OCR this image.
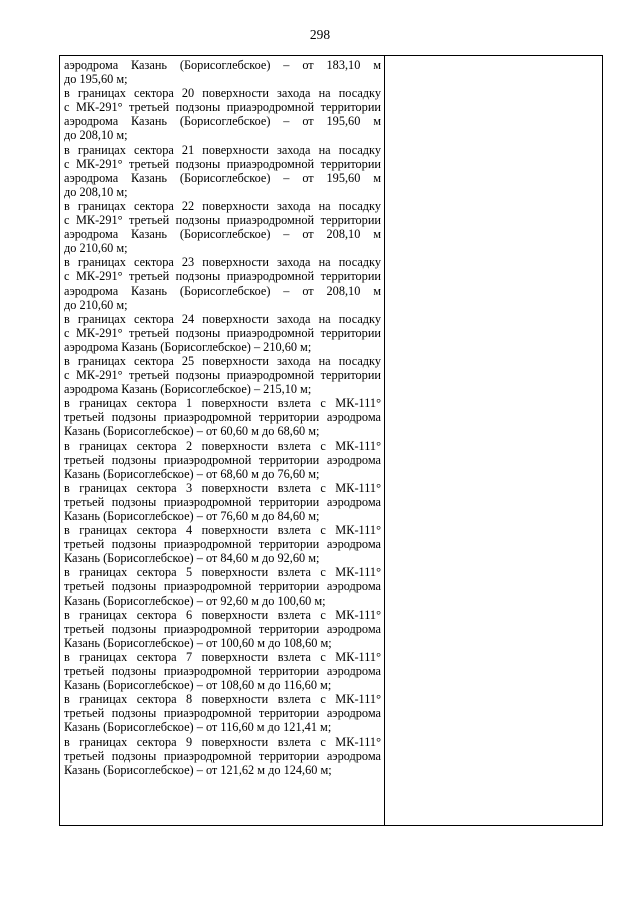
298
аэродрома Казань (Борисоглебское) – от 183,10 м
до 195,60 м;
в границах сектора 20 поверхности захода на посадку
с МК-291° третьей подзоны приаэродромной территории
аэродрома Казань (Борисоглебское) – от 195,60 м
до 208,10 м;
в границах сектора 21 поверхности захода на посадку
с МК-291° третьей подзоны приаэродромной территории
аэродрома Казань (Борисоглебское) – от 195,60 м
до 208,10 м;
в границах сектора 22 поверхности захода на посадку
с МК-291° третьей подзоны приаэродромной территории
аэродрома Казань (Борисоглебское) – от 208,10 м
до 210,60 м;
в границах сектора 23 поверхности захода на посадку
с МК-291° третьей подзоны приаэродромной территории
аэродрома Казань (Борисоглебское) – от 208,10 м
до 210,60 м;
в границах сектора 24 поверхности захода на посадку
с МК-291° третьей подзоны приаэродромной территории
аэродрома Казань (Борисоглебское) – 210,60 м;
в границах сектора 25 поверхности захода на посадку
с МК-291° третьей подзоны приаэродромной территории
аэродрома Казань (Борисоглебское) – 215,10 м;
в границах сектора 1 поверхности взлета с МК-111°
третьей подзоны приаэродромной территории аэродрома
Казань (Борисоглебское) – от 60,60 м до 68,60 м;
в границах сектора 2 поверхности взлета с МК-111°
третьей подзоны приаэродромной территории аэродрома
Казань (Борисоглебское) – от 68,60 м до 76,60 м;
в границах сектора 3 поверхности взлета с МК-111°
третьей подзоны приаэродромной территории аэродрома
Казань (Борисоглебское) – от 76,60 м до 84,60 м;
в границах сектора 4 поверхности взлета с МК-111°
третьей подзоны приаэродромной территории аэродрома
Казань (Борисоглебское) – от 84,60 м до 92,60 м;
в границах сектора 5 поверхности взлета с МК-111°
третьей подзоны приаэродромной территории аэродрома
Казань (Борисоглебское) – от 92,60 м до 100,60 м;
в границах сектора 6 поверхности взлета с МК-111°
третьей подзоны приаэродромной территории аэродрома
Казань (Борисоглебское) – от 100,60 м до 108,60 м;
в границах сектора 7 поверхности взлета с МК-111°
третьей подзоны приаэродромной территории аэродрома
Казань (Борисоглебское) – от 108,60 м до 116,60 м;
в границах сектора 8 поверхности взлета с МК-111°
третьей подзоны приаэродромной территории аэродрома
Казань (Борисоглебское) – от 116,60 м до 121,41 м;
в границах сектора 9 поверхности взлета с МК-111°
третьей подзоны приаэродромной территории аэродрома
Казань (Борисоглебское) – от 121,62 м до 124,60 м;
